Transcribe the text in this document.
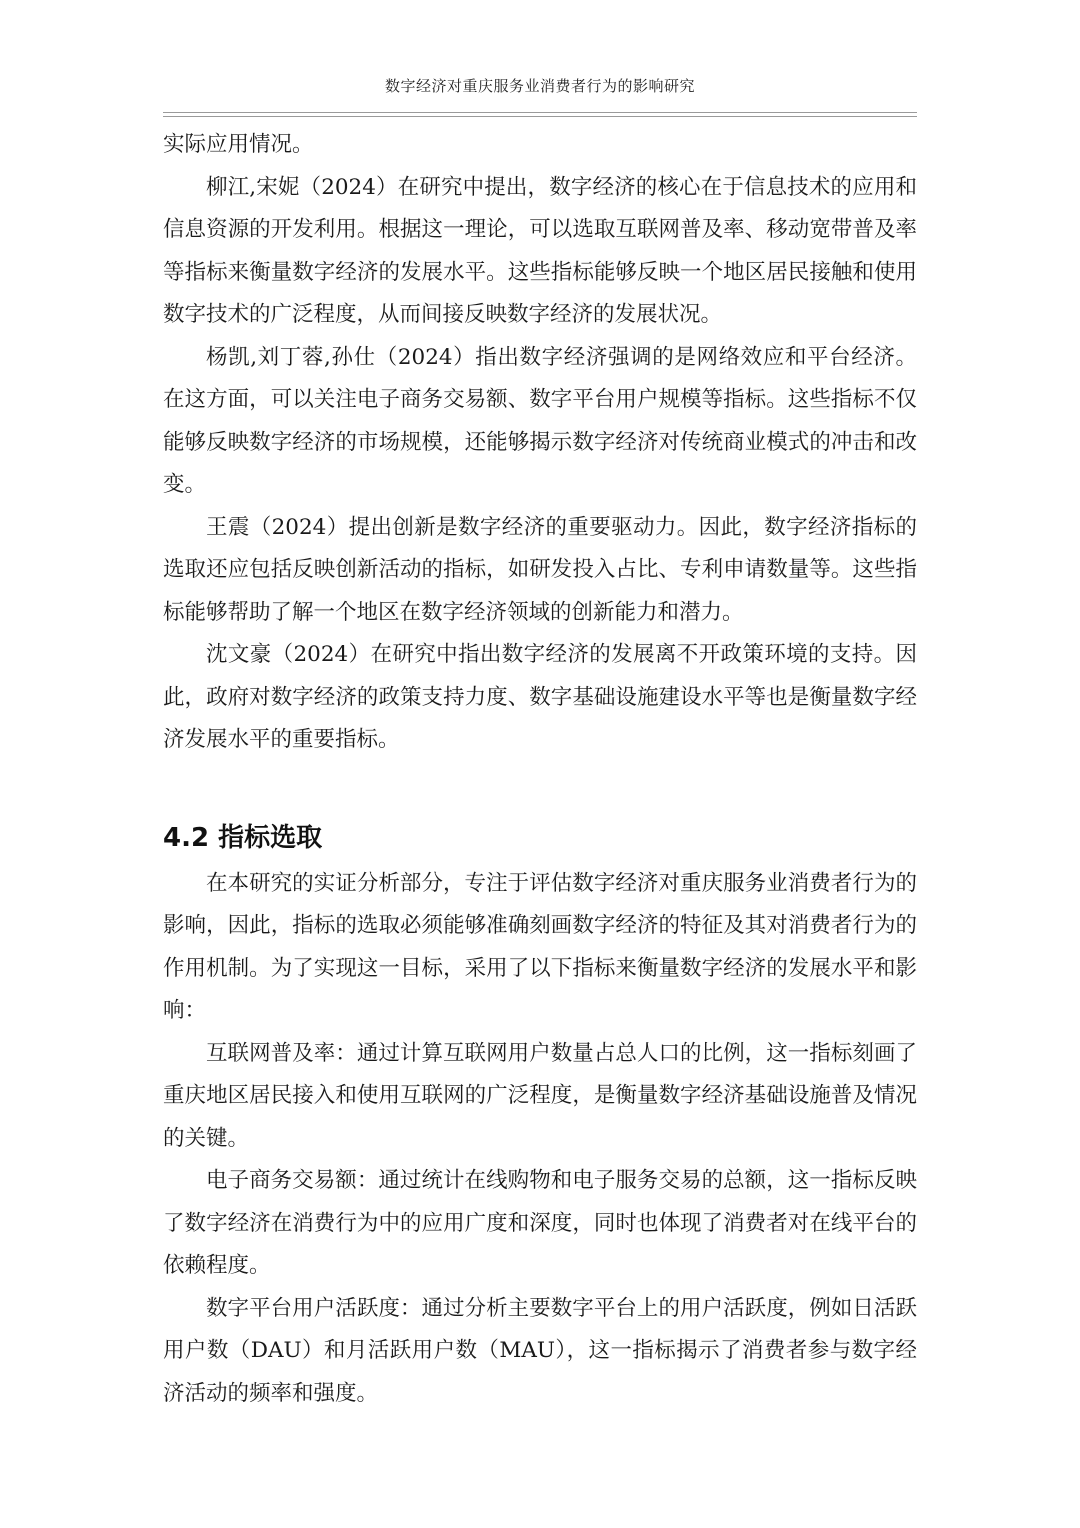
数字经济对重庆服务业消费者行为的影响研究

实际应用情况。

柳江,宋妮（2024）在研究中提出，数字经济的核心在于信息技术的应用和信息资源的开发利用。根据这一理论，可以选取互联网普及率、移动宽带普及率等指标来衡量数字经济的发展水平。这些指标能够反映一个地区居民接触和使用数字技术的广泛程度，从而间接反映数字经济的发展状况。

杨凯,刘丁蓉,孙仕（2024）指出数字经济强调的是网络效应和平台经济。在这方面，可以关注电子商务交易额、数字平台用户规模等指标。这些指标不仅能够反映数字经济的市场规模，还能够揭示数字经济对传统商业模式的冲击和改变。

王震（2024）提出创新是数字经济的重要驱动力。因此，数字经济指标的选取还应包括反映创新活动的指标，如研发投入占比、专利申请数量等。这些指标能够帮助了解一个地区在数字经济领域的创新能力和潜力。

沈文豪（2024）在研究中指出数字经济的发展离不开政策环境的支持。因此，政府对数字经济的政策支持力度、数字基础设施建设水平等也是衡量数字经济发展水平的重要指标。

4.2 指标选取

在本研究的实证分析部分，专注于评估数字经济对重庆服务业消费者行为的影响，因此，指标的选取必须能够准确刻画数字经济的特征及其对消费者行为的作用机制。为了实现这一目标，采用了以下指标来衡量数字经济的发展水平和影响：

互联网普及率：通过计算互联网用户数量占总人口的比例，这一指标刻画了重庆地区居民接入和使用互联网的广泛程度，是衡量数字经济基础设施普及情况的关键。

电子商务交易额：通过统计在线购物和电子服务交易的总额，这一指标反映了数字经济在消费行为中的应用广度和深度，同时也体现了消费者对在线平台的依赖程度。

数字平台用户活跃度：通过分析主要数字平台上的用户活跃度，例如日活跃用户数（DAU）和月活跃用户数（MAU），这一指标揭示了消费者参与数字经济活动的频率和强度。
